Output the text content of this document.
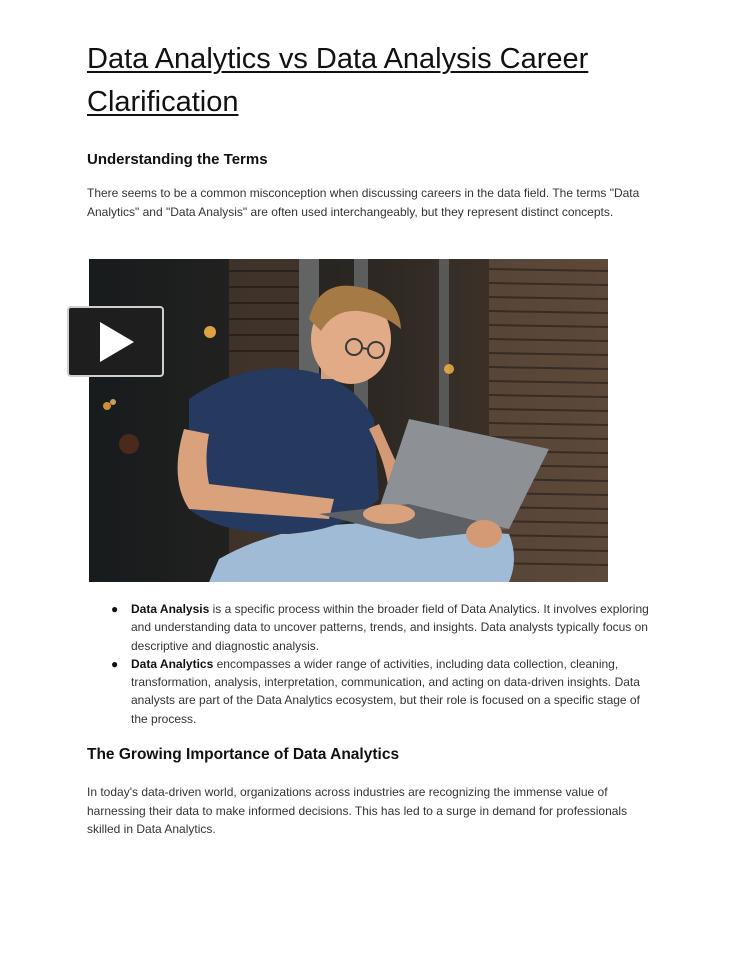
Data Analytics vs Data Analysis Career Clarification
Understanding the Terms

There seems to be a common misconception when discussing careers in the data field. The terms "Data Analytics" and "Data Analysis" are often used interchangeably, but they represent distinct concepts.

● Data Analysis is a specific process within the broader field of Data Analytics. It involves exploring and understanding data to uncover patterns, trends, and insights. Data analysts typically focus on descriptive and diagnostic analysis.
● Data Analytics encompasses a wider range of activities, including data collection, cleaning, transformation, analysis, interpretation, communication, and acting on data-driven insights. Data analysts are part of the Data Analytics ecosystem, but their role is focused on a specific stage of the process.
The Growing Importance of Data Analytics

In today's data-driven world, organizations across industries are recognizing the immense value of harnessing their data to make informed decisions. This has led to a surge in demand for professionals skilled in Data Analytics.
